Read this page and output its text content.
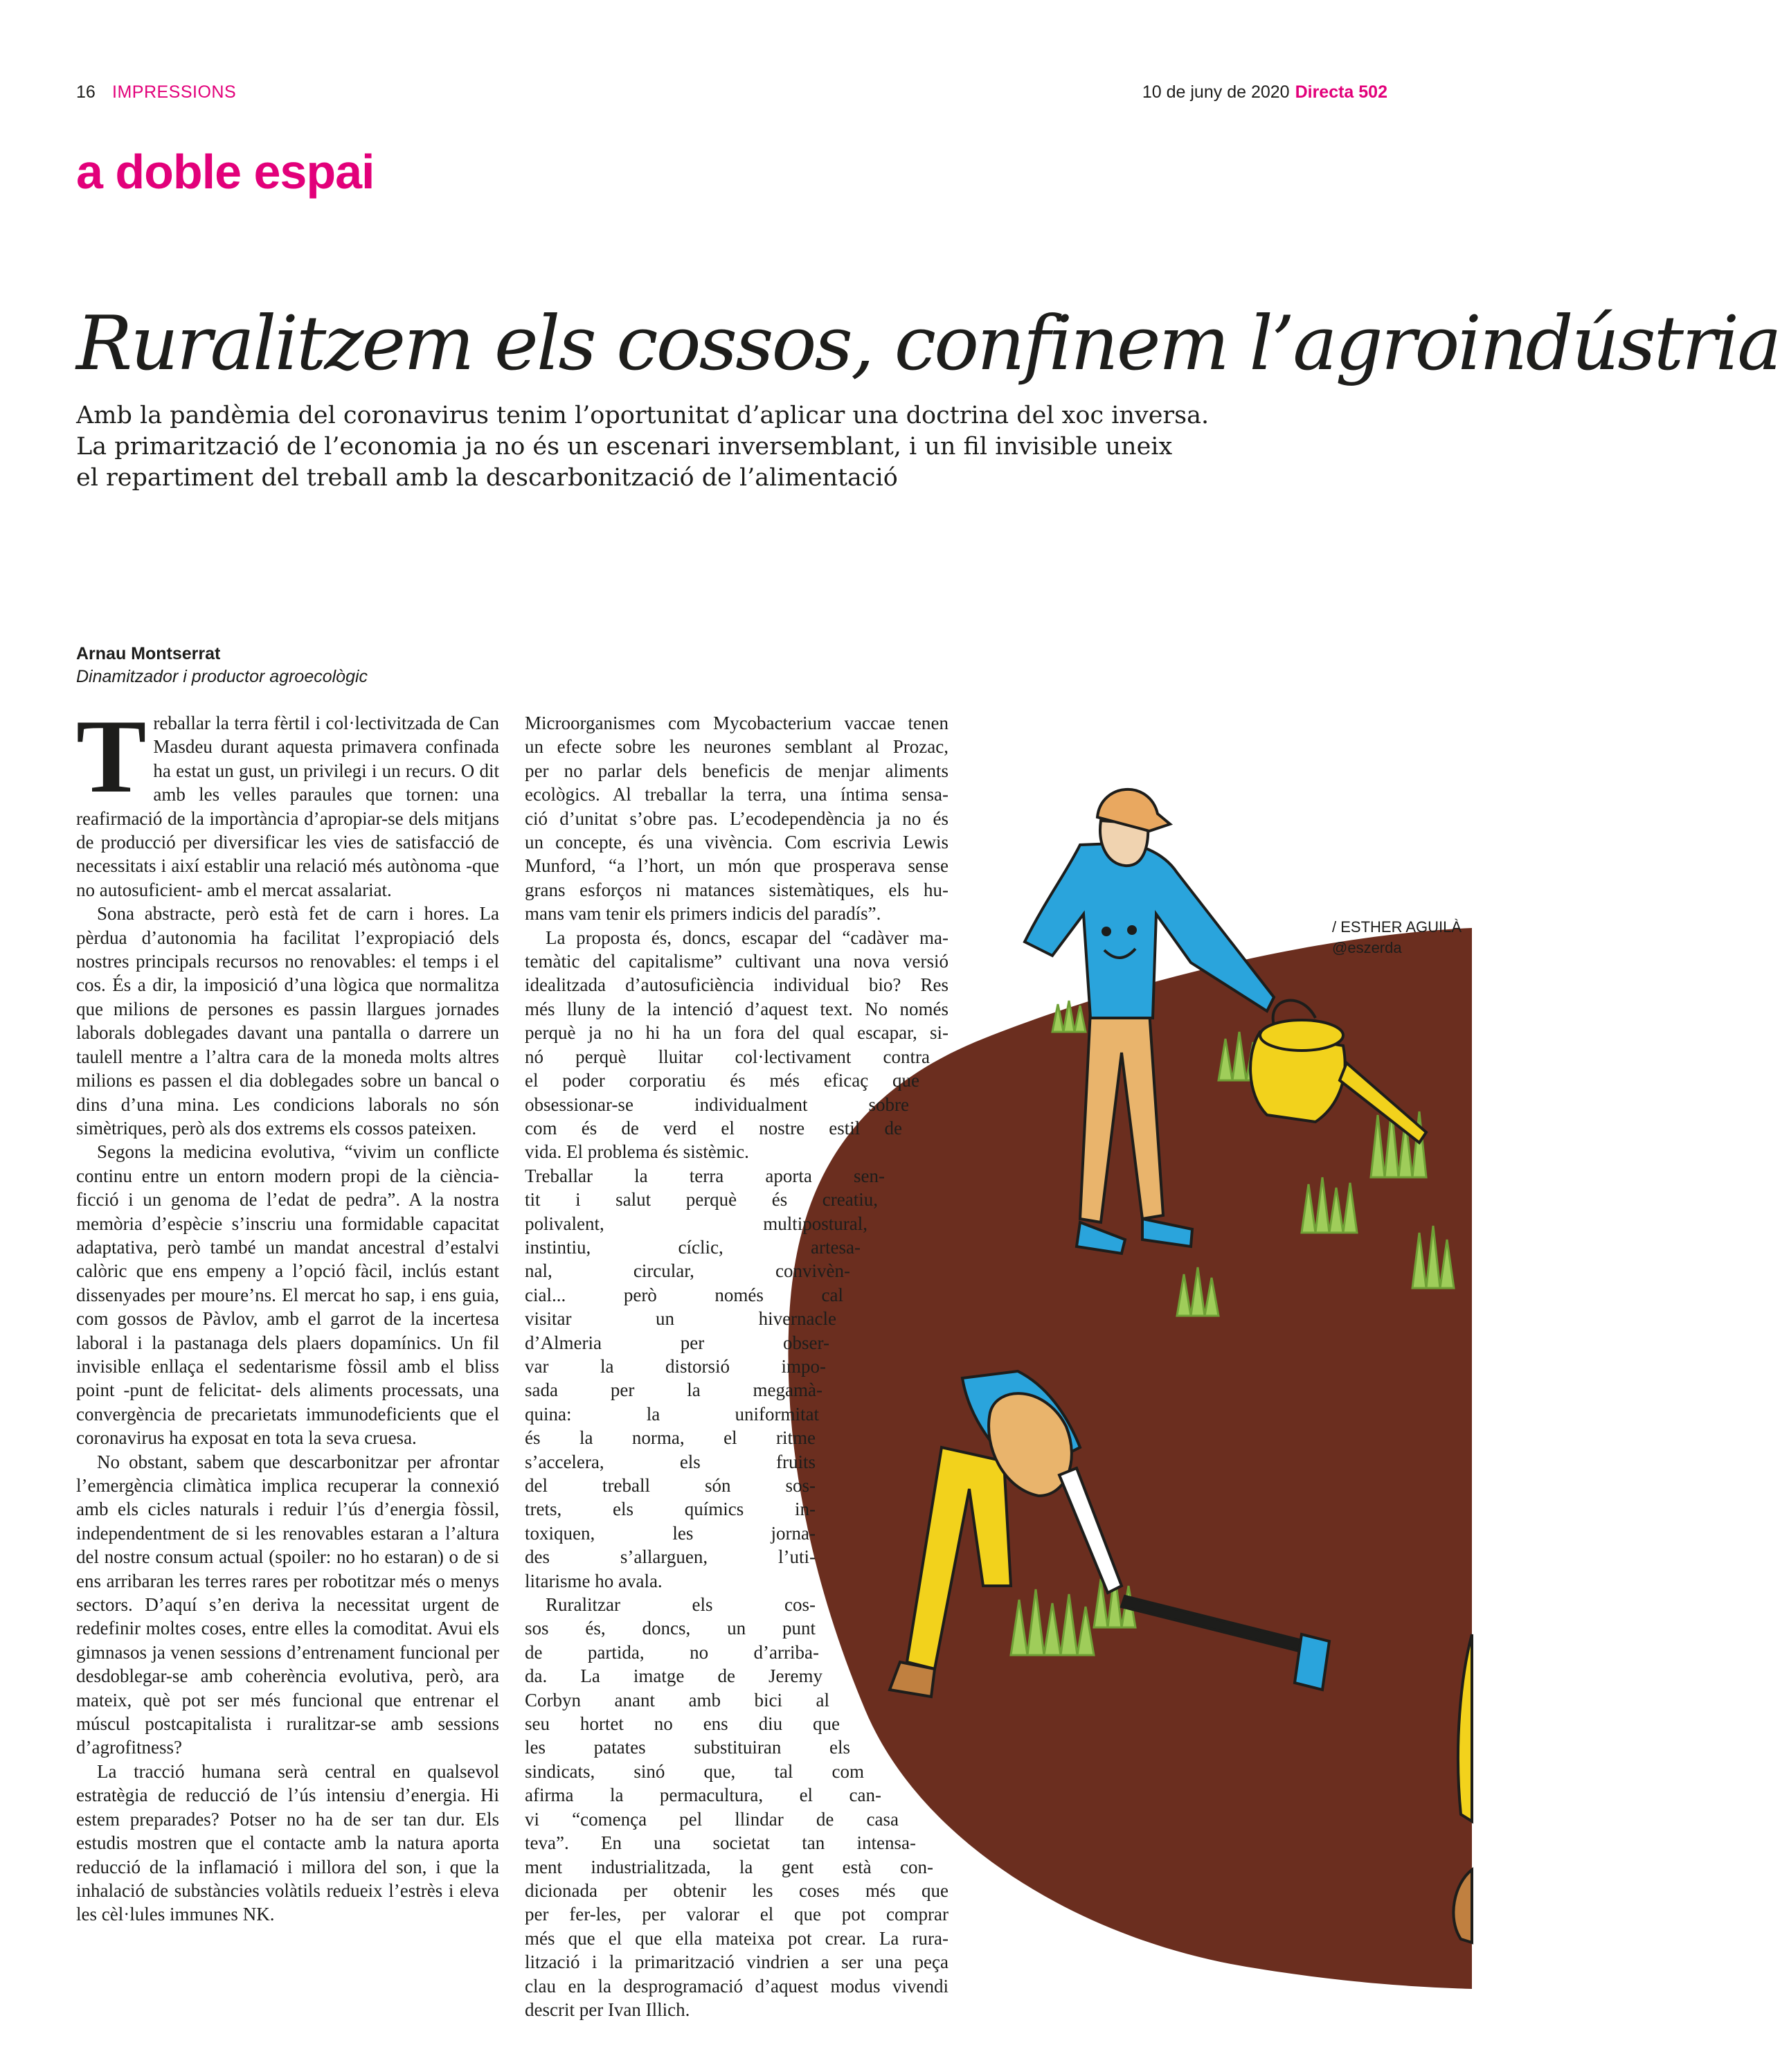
16 IMPRESSIONS	10 de juny de 2020 Directa 502
a doble espai
Ruralitzem els cossos, confinem l’agroindústria
Amb la pandèmia del coronavirus tenim l’oportunitat d’aplicar una doctrina del xoc inversa.
La primarització de l’economia ja no és un escenari inversemblant, i un fil invisible uneix
el repartiment del treball amb la descarbonització de l’alimentació
Arnau Montserrat
Dinamitzador i productor agroecològic
T reballar la terra fèrtil i col·lectivitzada de Can Masdeu durant aquesta primavera confinada ha estat un gust, un privilegi i un recurs. O dit amb les velles paraules que tornen: una reafirmació de la importància d’apropiar-se dels mitjans de producció per diversificar les vies de satisfacció de necessitats i així establir una relació més autònoma -que no autosuficient- amb el mercat assalariat.

Sona abstracte, però està fet de carn i hores. La pèrdua d’autonomia ha facilitat l’expropiació dels nostres principals recursos no renovables: el temps i el cos. És a dir, la imposició d’una lògica que normalitza que milions de persones es passin llargues jornades laborals doblegades davant una pantalla o darrere un taulell mentre a l’altra cara de la moneda molts altres milions es passen el dia doblegades sobre un bancal o dins d’una mina. Les condicions laborals no són simètriques, però als dos extrems els cossos pateixen.

Segons la medicina evolutiva, “vivim un conflicte continu entre un entorn modern propi de la ciència-ficció i un genoma de l’edat de pedra”. A la nostra memòria d’espècie s’inscriu una formidable capacitat adaptativa, però també un mandat ancestral d’estalvi calòric que ens empeny a l’opció fàcil, inclús estant dissenyades per moure’ns. El mercat ho sap, i ens guia, com gossos de Pàvlov, amb el garrot de la incertesa laboral i la pastanaga dels plaers dopamínics. Un fil invisible enllaça el sedentarisme fòssil amb el bliss point -punt de felicitat- dels aliments processats, una convergència de precarietats immunodeficients que el coronavirus ha exposat en tota la seva cruesa.

No obstant, sabem que descarbonitzar per afrontar l’emergència climàtica implica recuperar la connexió amb els cicles naturals i reduir l’ús d’energia fòssil, independentment de si les renovables estaran a l’altura del nostre consum actual (spoiler: no ho estaran) o de si ens arribaran les terres rares per robotitzar més o menys sectors. D’aquí s’en deriva la necessitat urgent de redefinir moltes coses, entre elles la comoditat. Avui els gimnasos ja venen sessions d’entrenament funcional per desdoblegar-se amb coherència evolutiva, però, ara mateix, què pot ser més funcional que entrenar el múscul postcapitalista i ruralitzar-se amb sessions d’agrofitness?

La tracció humana serà central en qualsevol estratègia de reducció de l’ús intensiu d’energia. Hi estem preparades? Potser no ha de ser tan dur. Els estudis mostren que el contacte amb la natura aporta reducció de la inflamació i millora del son, i que la inhalació de substàncies volàtils redueix l’estrès i eleva les cèl·lules immunes NK.

Microorganismes com Mycobacterium vaccae tenen
un efecte sobre les neurones semblant al Prozac,
per no parlar dels beneficis de menjar aliments
ecològics. Al treballar la terra, una íntima sensa-
ció d’unitat s’obre pas. L’ecodependència ja no és
un concepte, és una vivència. Com escrivia Lewis
Munford, “a l’hort, un món que prosperava sense
grans esforços ni matances sistemàtiques, els hu-
mans vam tenir els primers indicis del paradís”.
La proposta és, doncs, escapar del “cadàver ma-
temàtic del capitalisme” cultivant una nova versió
idealitzada d’autosuficiència individual bio? Res
més lluny de la intenció d’aquest text. No només
perquè ja no hi ha un fora del qual escapar, si-
nó perquè lluitar col·lectivament contra
el poder corporatiu és més eficaç que
obsessionar-se individualment sobre
com és de verd el nostre estil de
vida. El problema és sistèmic.
Treballar la terra aporta sen-
tit i salut perquè és creatiu,
polivalent, multipostural,
instintiu, cíclic, artesa-
nal, circular, convivèn-
cial... però només cal
visitar un hivernacle
d’Almeria per obser-
var la distorsió impo-
sada per la megamà-
quina: la uniformitat
és la norma, el ritme
s’accelera, els fruits
del treball són sos-
trets, els químics in-
toxiquen, les jorna-
des s’allarguen, l’uti-
litarisme ho avala.
Ruralitzar els cos-
sos és, doncs, un punt
de partida, no d’arriba-
da. La imatge de Jeremy
Corbyn anant amb bici al
seu hortet no ens diu que
les patates substituiran els
sindicats, sinó que, tal com
afirma la permacultura, el can-
vi “comença pel llindar de casa
teva”. En una societat tan intensa-
ment industrialitzada, la gent està con-
dicionada per obtenir les coses més que
per fer-les, per valorar el que pot comprar
més que el que ella mateixa pot crear. La rura-
lització i la primarització vindrien a ser una peça
clau en la desprogramació d’aquest modus vivendi
descrit per Ivan Illich.
/ ESTHER AGUILÀ
@eszerda
